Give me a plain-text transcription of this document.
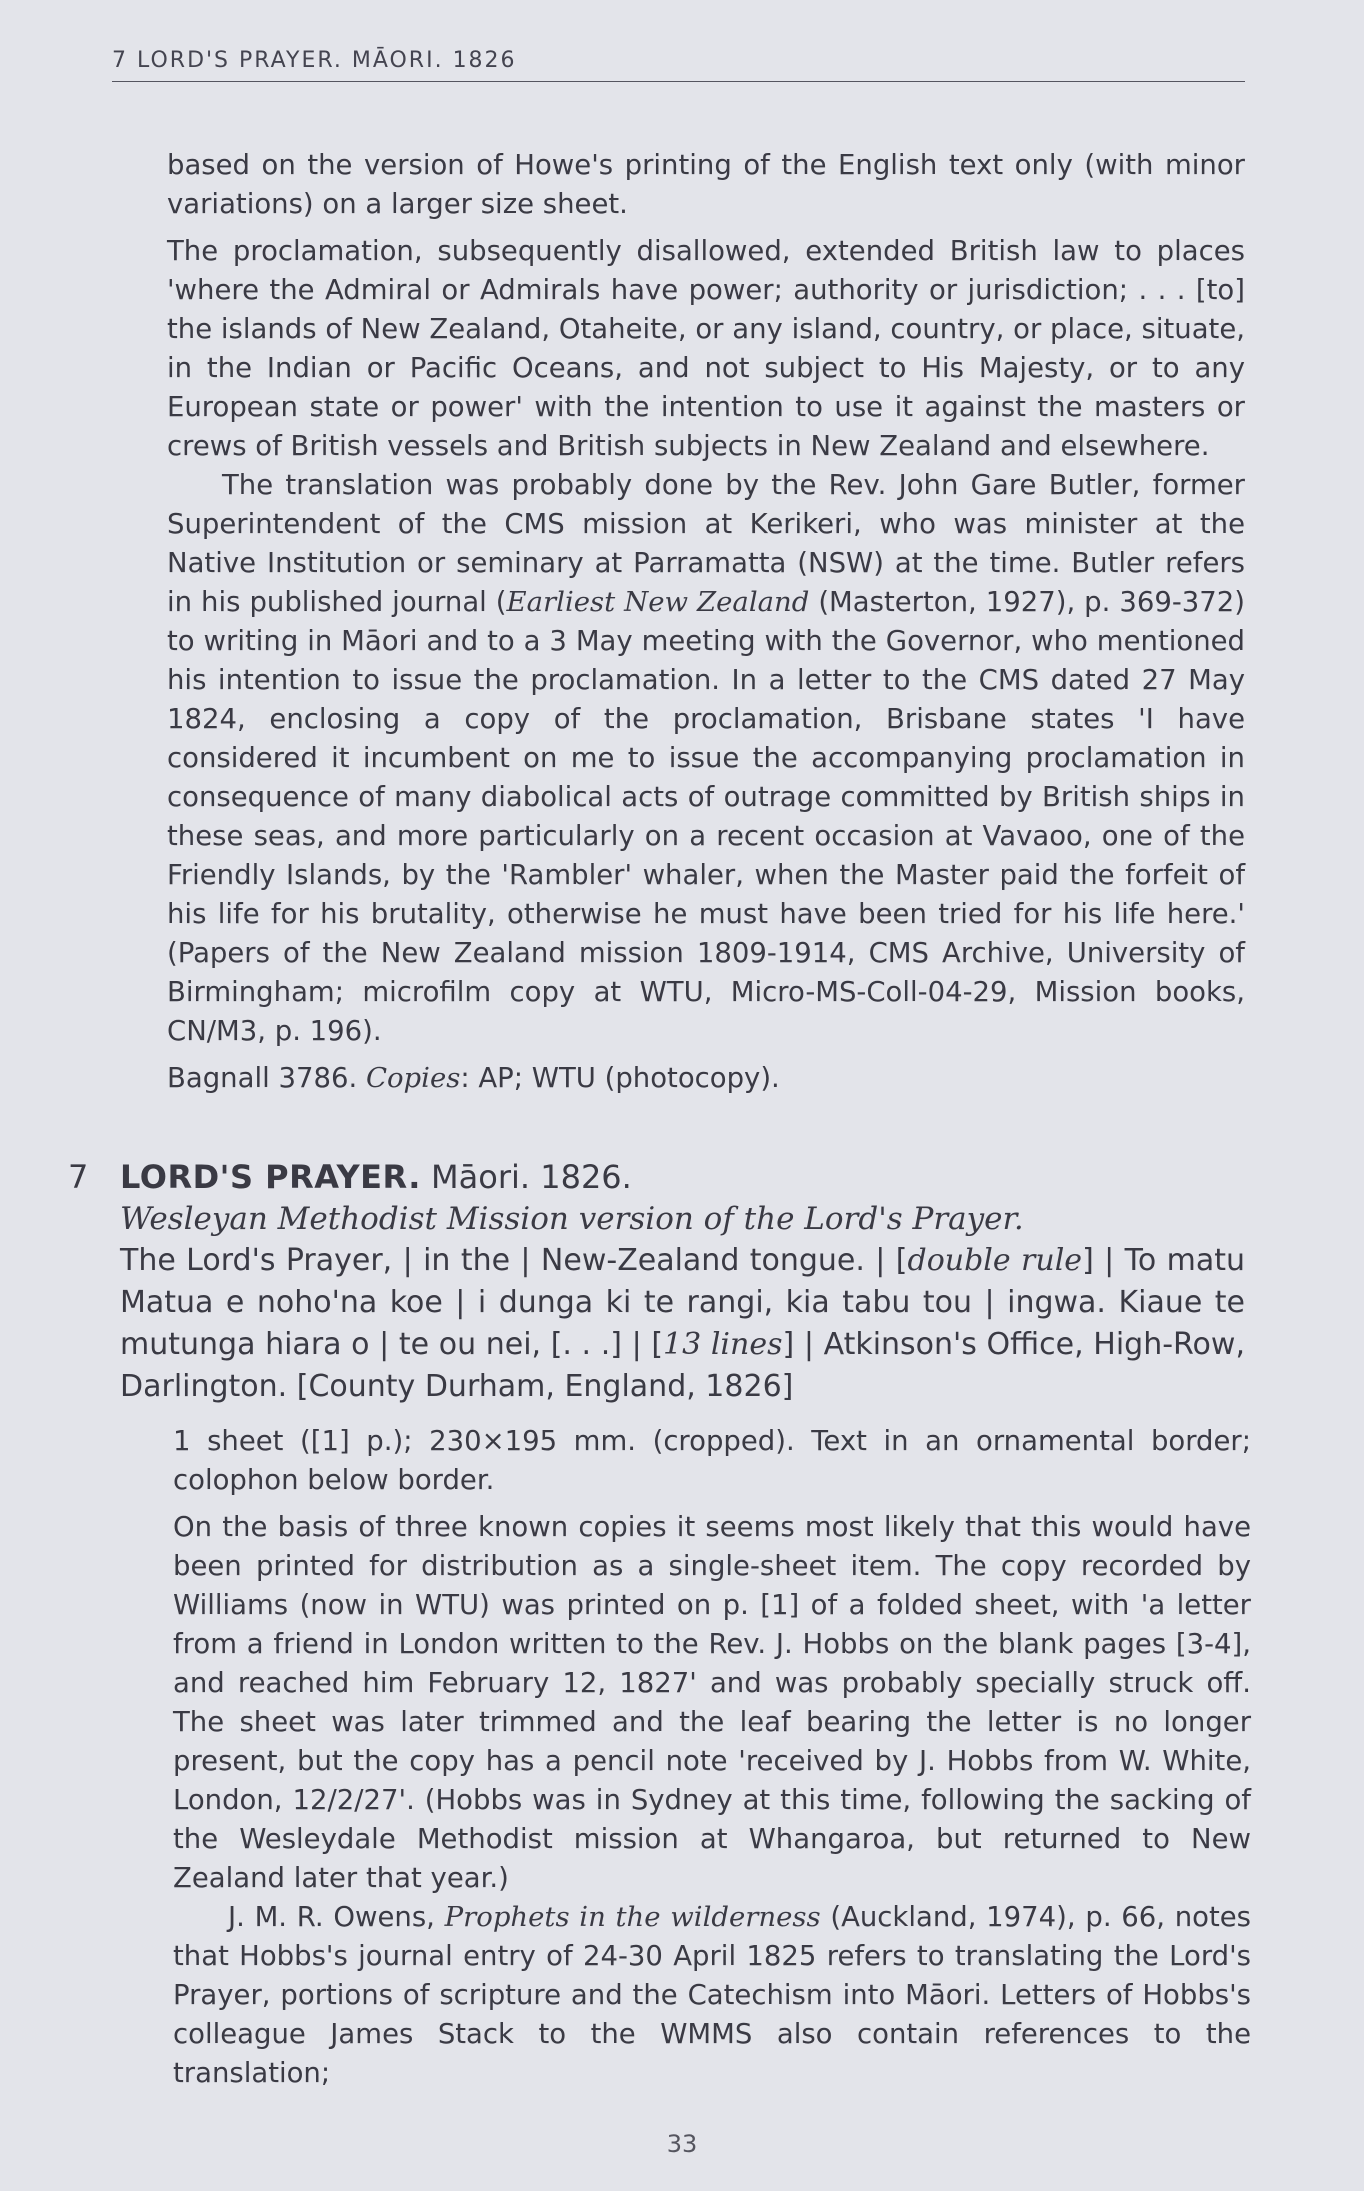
7 LORD'S PRAYER. MĀORI. 1826

based on the version of Howe's printing of the English text only (with minor variations) on a larger size sheet.

The proclamation, subsequently disallowed, extended British law to places 'where the Admiral or Admirals have power; authority or jurisdiction; . . . [to] the islands of New Zealand, Otaheite, or any island, country, or place, situate, in the Indian or Pacific Oceans, and not subject to His Majesty, or to any European state or power' with the intention to use it against the masters or crews of British vessels and British subjects in New Zealand and elsewhere.

The translation was probably done by the Rev. John Gare Butler, former Superintendent of the CMS mission at Kerikeri, who was minister at the Native Institution or seminary at Parramatta (NSW) at the time. Butler refers in his published journal (Earliest New Zealand (Masterton, 1927), p. 369-372) to writing in Māori and to a 3 May meeting with the Governor, who mentioned his intention to issue the proclamation. In a letter to the CMS dated 27 May 1824, enclosing a copy of the proclamation, Brisbane states 'I have considered it incumbent on me to issue the accompanying proclamation in consequence of many diabolical acts of outrage committed by British ships in these seas, and more particularly on a recent occasion at Vavaoo, one of the Friendly Islands, by the 'Rambler' whaler, when the Master paid the forfeit of his life for his brutality, otherwise he must have been tried for his life here.' (Papers of the New Zealand mission 1809-1914, CMS Archive, University of Birmingham; microfilm copy at WTU, Micro-MS-Coll-04-29, Mission books, CN/M3, p. 196).

Bagnall 3786. Copies: AP; WTU (photocopy).

7 LORD'S PRAYER. Māori. 1826.

Wesleyan Methodist Mission version of the Lord's Prayer.

The Lord's Prayer, | in the | New-Zealand tongue. | [double rule] | To matu Matua e noho'na koe | i dunga ki te rangi, kia tabu tou | ingwa. Kiaue te mutunga hiara o | te ou nei, [. . .] | [13 lines] | Atkinson's Office, High-Row, Darlington. [County Durham, England, 1826]

1 sheet ([1] p.); 230×195 mm. (cropped). Text in an ornamental border; colophon below border.

On the basis of three known copies it seems most likely that this would have been printed for distribution as a single-sheet item. The copy recorded by Williams (now in WTU) was printed on p. [1] of a folded sheet, with 'a letter from a friend in London written to the Rev. J. Hobbs on the blank pages [3-4], and reached him February 12, 1827' and was probably specially struck off. The sheet was later trimmed and the leaf bearing the letter is no longer present, but the copy has a pencil note 'received by J. Hobbs from W. White, London, 12/2/27'. (Hobbs was in Sydney at this time, following the sacking of the Wesleydale Methodist mission at Whangaroa, but returned to New Zealand later that year.)

J. M. R. Owens, Prophets in the wilderness (Auckland, 1974), p. 66, notes that Hobbs's journal entry of 24-30 April 1825 refers to translating the Lord's Prayer, portions of scripture and the Catechism into Māori. Letters of Hobbs's colleague James Stack to the WMMS also contain references to the translation;

33
